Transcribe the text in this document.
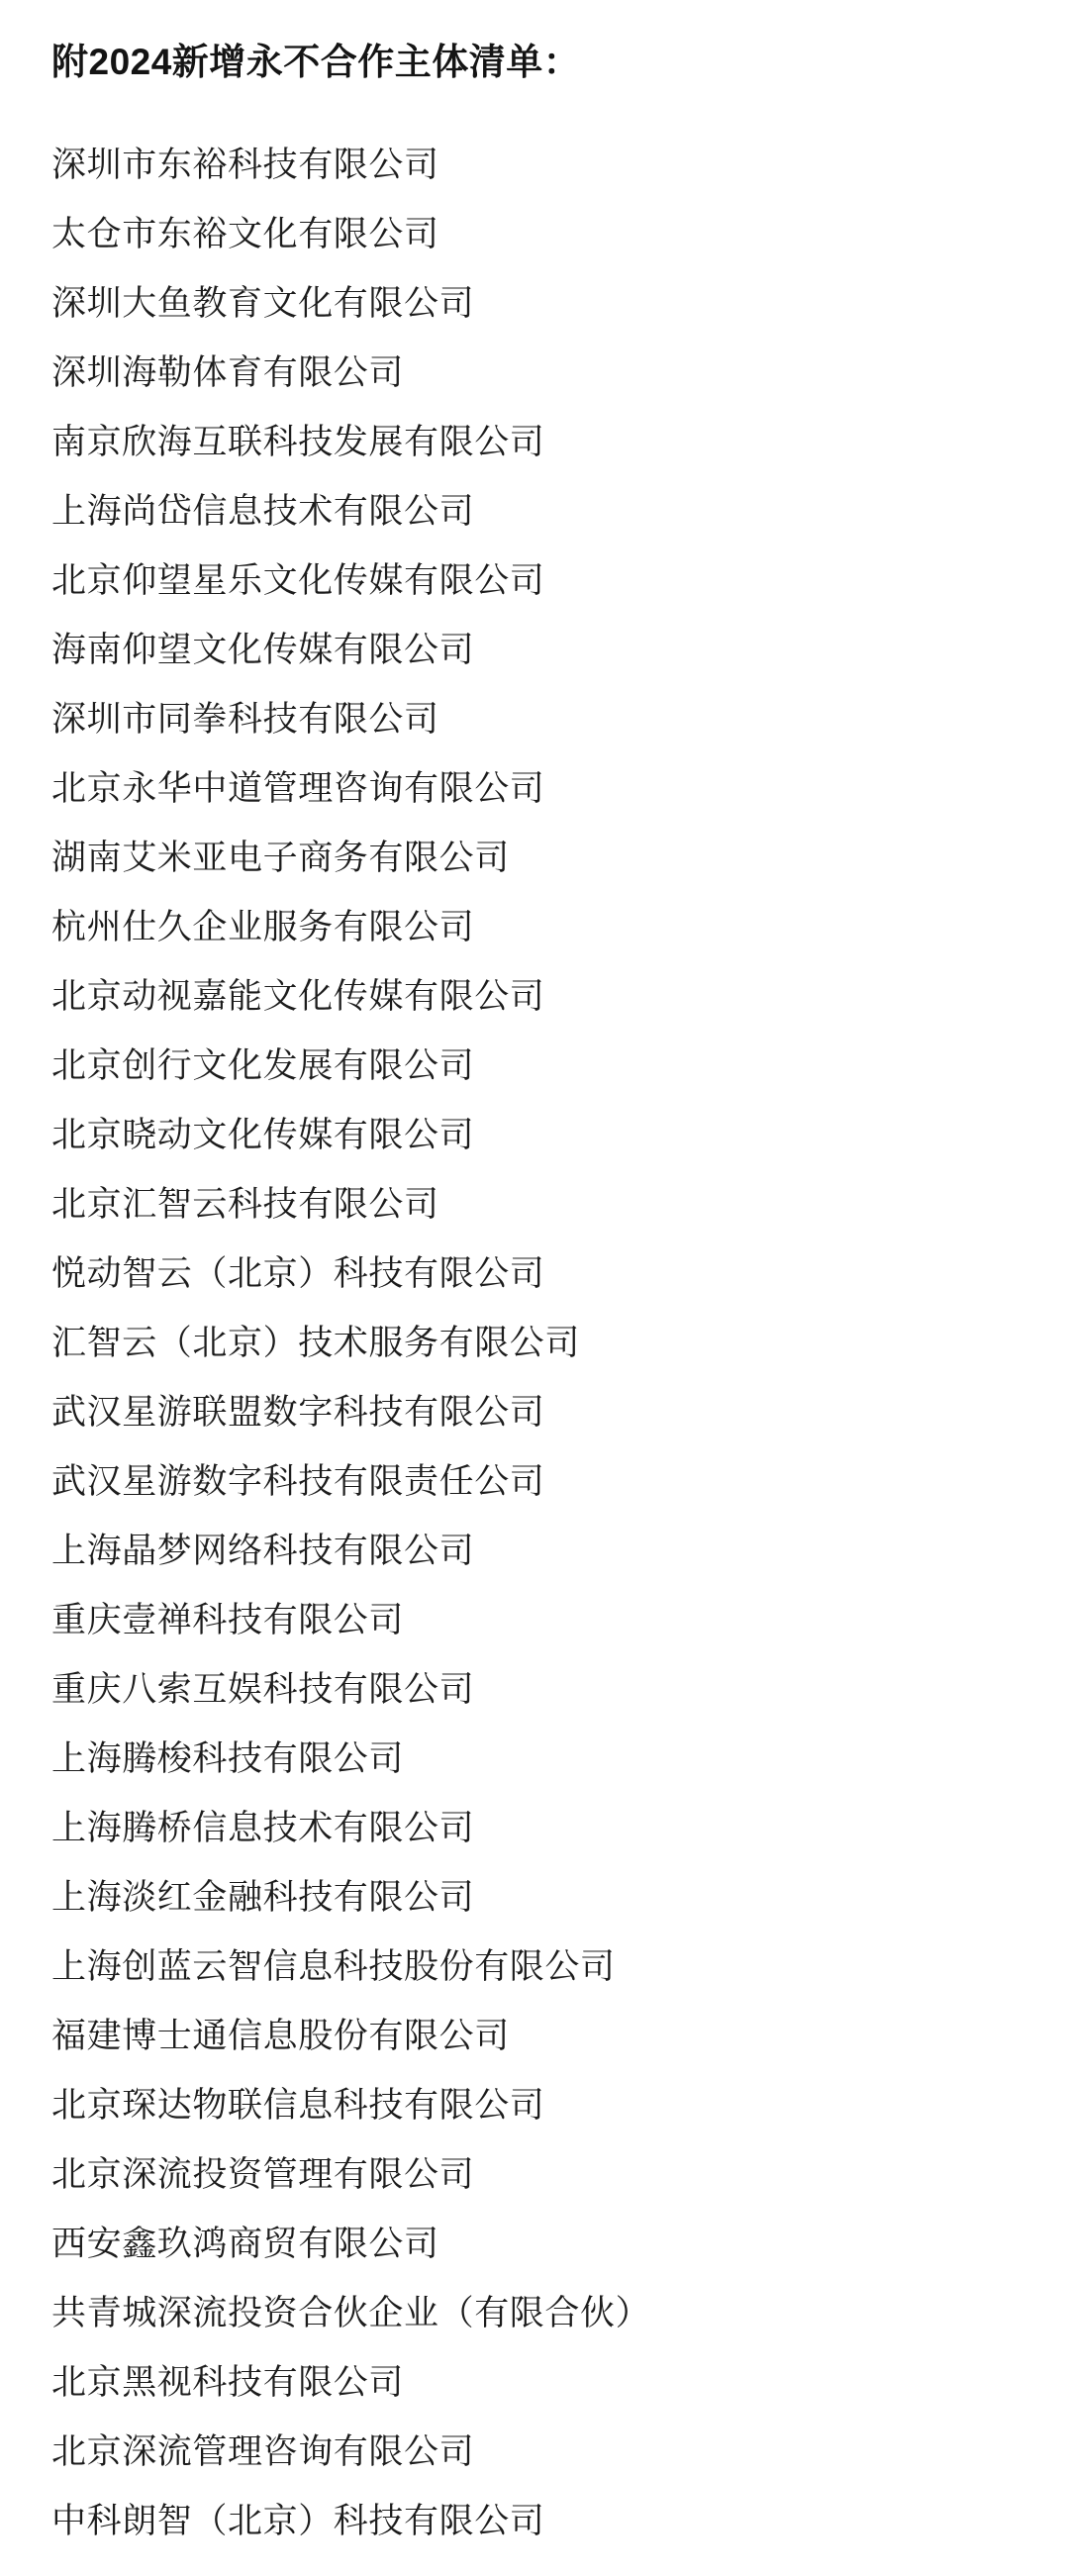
附2024新增永不合作主体清单：
深圳市东裕科技有限公司
太仓市东裕文化有限公司
深圳大鱼教育文化有限公司
深圳海勒体育有限公司
南京欣海互联科技发展有限公司
上海尚岱信息技术有限公司
北京仰望星乐文化传媒有限公司
海南仰望文化传媒有限公司
深圳市同拳科技有限公司
北京永华中道管理咨询有限公司
湖南艾米亚电子商务有限公司
杭州仕久企业服务有限公司
北京动视嘉能文化传媒有限公司
北京创行文化发展有限公司
北京晓动文化传媒有限公司
北京汇智云科技有限公司
悦动智云（北京）科技有限公司
汇智云（北京）技术服务有限公司
武汉星游联盟数字科技有限公司
武汉星游数字科技有限责任公司
上海晶梦网络科技有限公司
重庆壹禅科技有限公司
重庆八索互娱科技有限公司
上海腾梭科技有限公司
上海腾桥信息技术有限公司
上海淡红金融科技有限公司
上海创蓝云智信息科技股份有限公司
福建博士通信息股份有限公司
北京琛达物联信息科技有限公司
北京深流投资管理有限公司
西安鑫玖鸿商贸有限公司
共青城深流投资合伙企业（有限合伙）
北京黑视科技有限公司
北京深流管理咨询有限公司
中科朗智（北京）科技有限公司
